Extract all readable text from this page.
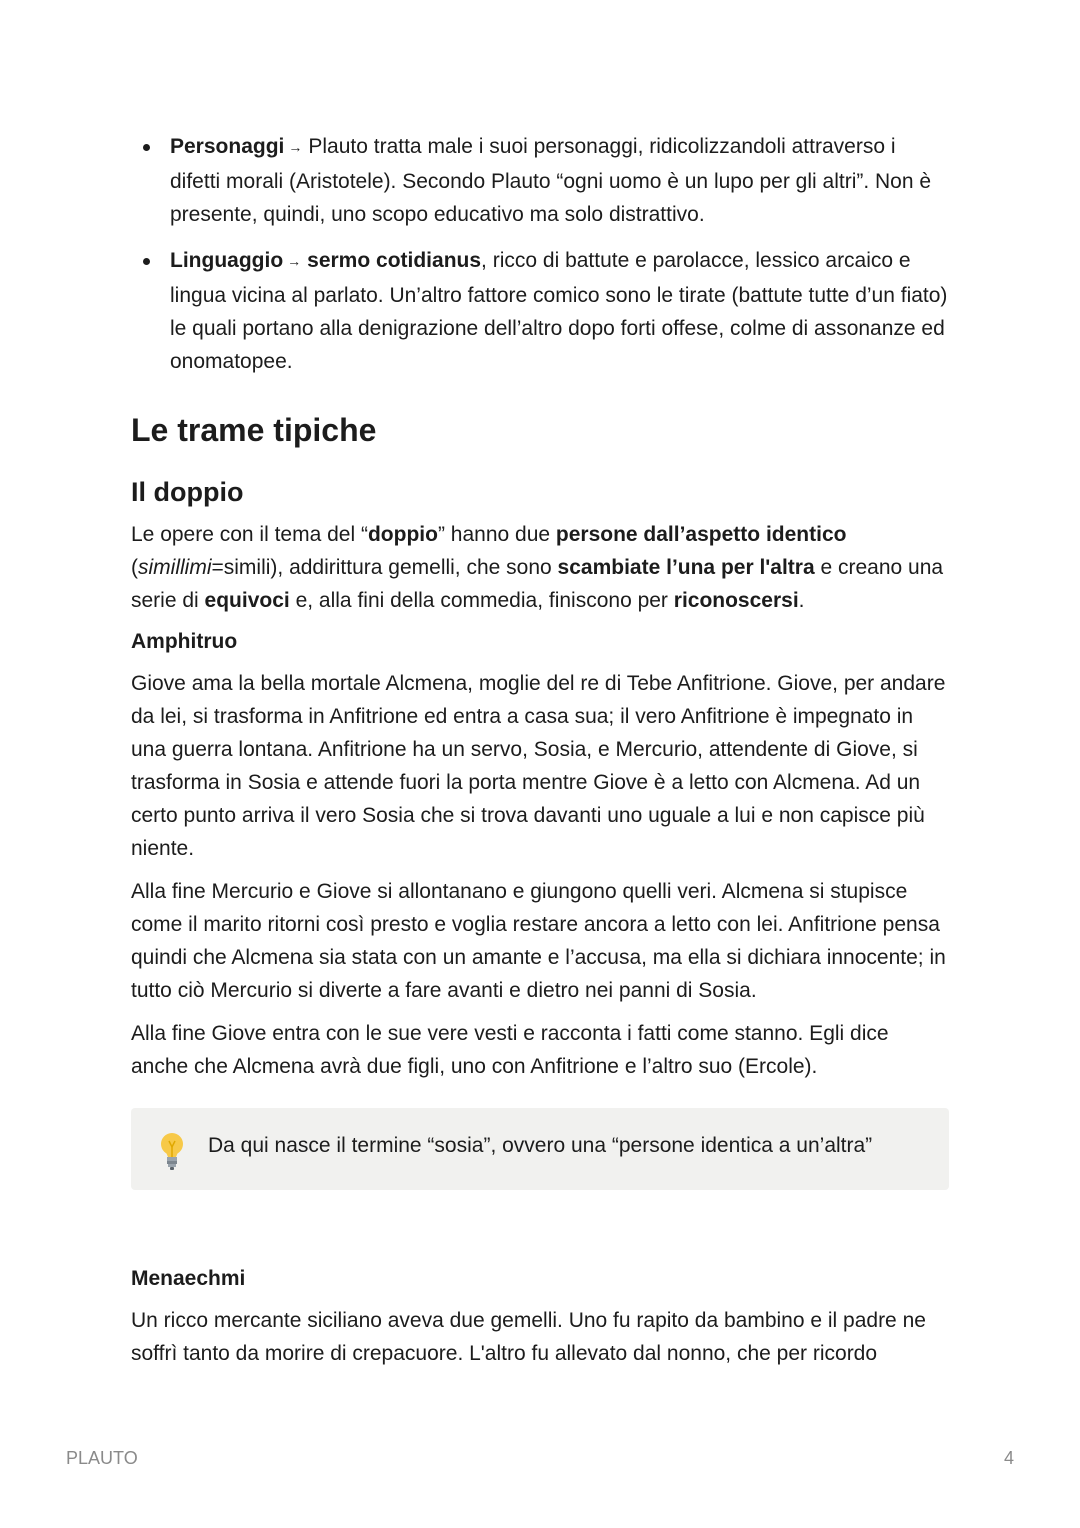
Personaggi → Plauto tratta male i suoi personaggi, ridicolizzandoli attraverso i difetti morali (Aristotele). Secondo Plauto “ogni uomo è un lupo per gli altri”. Non è presente, quindi, uno scopo educativo ma solo distrattivo.
Linguaggio → sermo cotidianus, ricco di battute e parolacce, lessico arcaico e lingua vicina al parlato. Un’altro fattore comico sono le tirate (battute tutte d’un fiato) le quali portano alla denigrazione dell’altro dopo forti offese, colme di assonanze ed onomatopee.
Le trame tipiche
Il doppio

Le opere con il tema del “doppio” hanno due persone dall’aspetto identico (simillimi=simili), addirittura gemelli, che sono scambiate l’una per l'altra e creano una serie di equivoci e, alla fini della commedia, finiscono per riconoscersi.

Amphitruo

Giove ama la bella mortale Alcmena, moglie del re di Tebe Anfitrione. Giove, per andare da lei, si trasforma in Anfitrione ed entra a casa sua; il vero Anfitrione è impegnato in una guerra lontana. Anfitrione ha un servo, Sosia, e Mercurio, attendente di Giove, si trasforma in Sosia e attende fuori la porta mentre Giove è a letto con Alcmena. Ad un certo punto arriva il vero Sosia che si trova davanti uno uguale a lui e non capisce più niente.

Alla fine Mercurio e Giove si allontanano e giungono quelli veri. Alcmena si stupisce come il marito ritorni così presto e voglia restare ancora a letto con lei. Anfitrione pensa quindi che Alcmena sia stata con un amante e l’accusa, ma ella si dichiara innocente; in tutto ciò Mercurio si diverte a fare avanti e dietro nei panni di Sosia.

Alla fine Giove entra con le sue vere vesti e racconta i fatti come stanno. Egli dice anche che Alcmena avrà due figli, uno con Anfitrione e l’altro suo (Ercole).

Da qui nasce il termine “sosia”, ovvero una “persone identica a un’altra”
Menaechmi

Un ricco mercante siciliano aveva due gemelli. Uno fu rapito da bambino e il padre ne soffrì tanto da morire di crepacuore. L'altro fu allevato dal nonno, che per ricordo

PLAUTO	4
